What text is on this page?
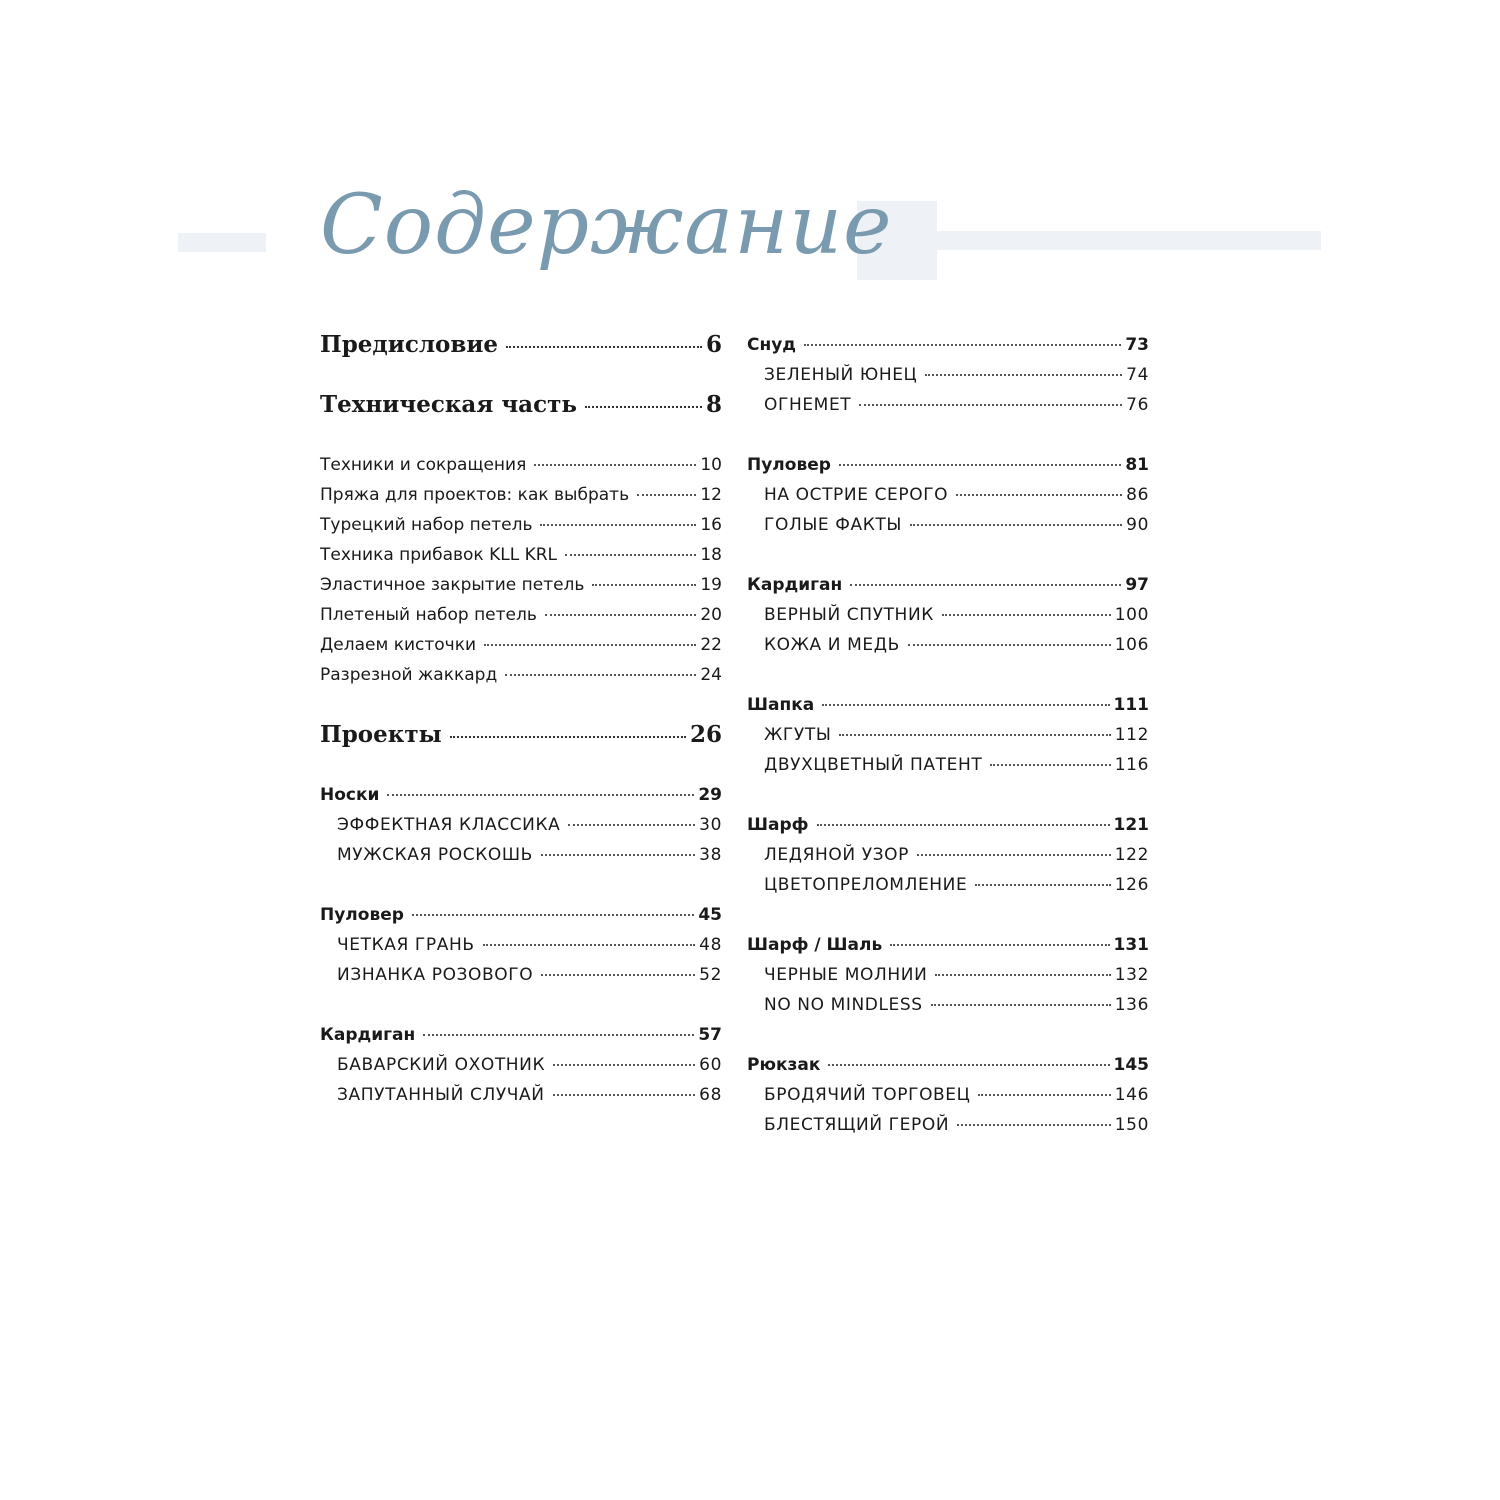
Содержание
Предисловие	6
Техническая часть	8
Техники и сокращения	10
Пряжа для проектов: как выбрать	12
Турецкий набор петель	16
Техника прибавок KLL KRL	18
Эластичное закрытие петель	19
Плетеный набор петель	20
Делаем кисточки	22
Разрезной жаккард	24
Проекты	26
Носки	29
ЭФФЕКТНАЯ КЛАССИКА	30
МУЖСКАЯ РОСКОШЬ	38
Пуловер	45
ЧЕТКАЯ ГРАНЬ	48
ИЗНАНКА РОЗОВОГО	52
Кардиган	57
БАВАРСКИЙ ОХОТНИК	60
ЗАПУТАННЫЙ СЛУЧАЙ	68
Снуд	73
ЗЕЛЕНЫЙ ЮНЕЦ	74
ОГНЕМЕТ	76
Пуловер	81
НА ОСТРИЕ СЕРОГО	86
ГОЛЫЕ ФАКТЫ	90
Кардиган	97
ВЕРНЫЙ СПУТНИК	100
КОЖА И МЕДЬ	106
Шапка	111
ЖГУТЫ	112
ДВУХЦВЕТНЫЙ ПАТЕНТ	116
Шарф	121
ЛЕДЯНОЙ УЗОР	122
ЦВЕТОПРЕЛОМЛЕНИЕ	126
Шарф / Шаль	131
ЧЕРНЫЕ МОЛНИИ	132
NO NO MINDLESS	136
Рюкзак	145
БРОДЯЧИЙ ТОРГОВЕЦ	146
БЛЕСТЯЩИЙ ГЕРОЙ	150
